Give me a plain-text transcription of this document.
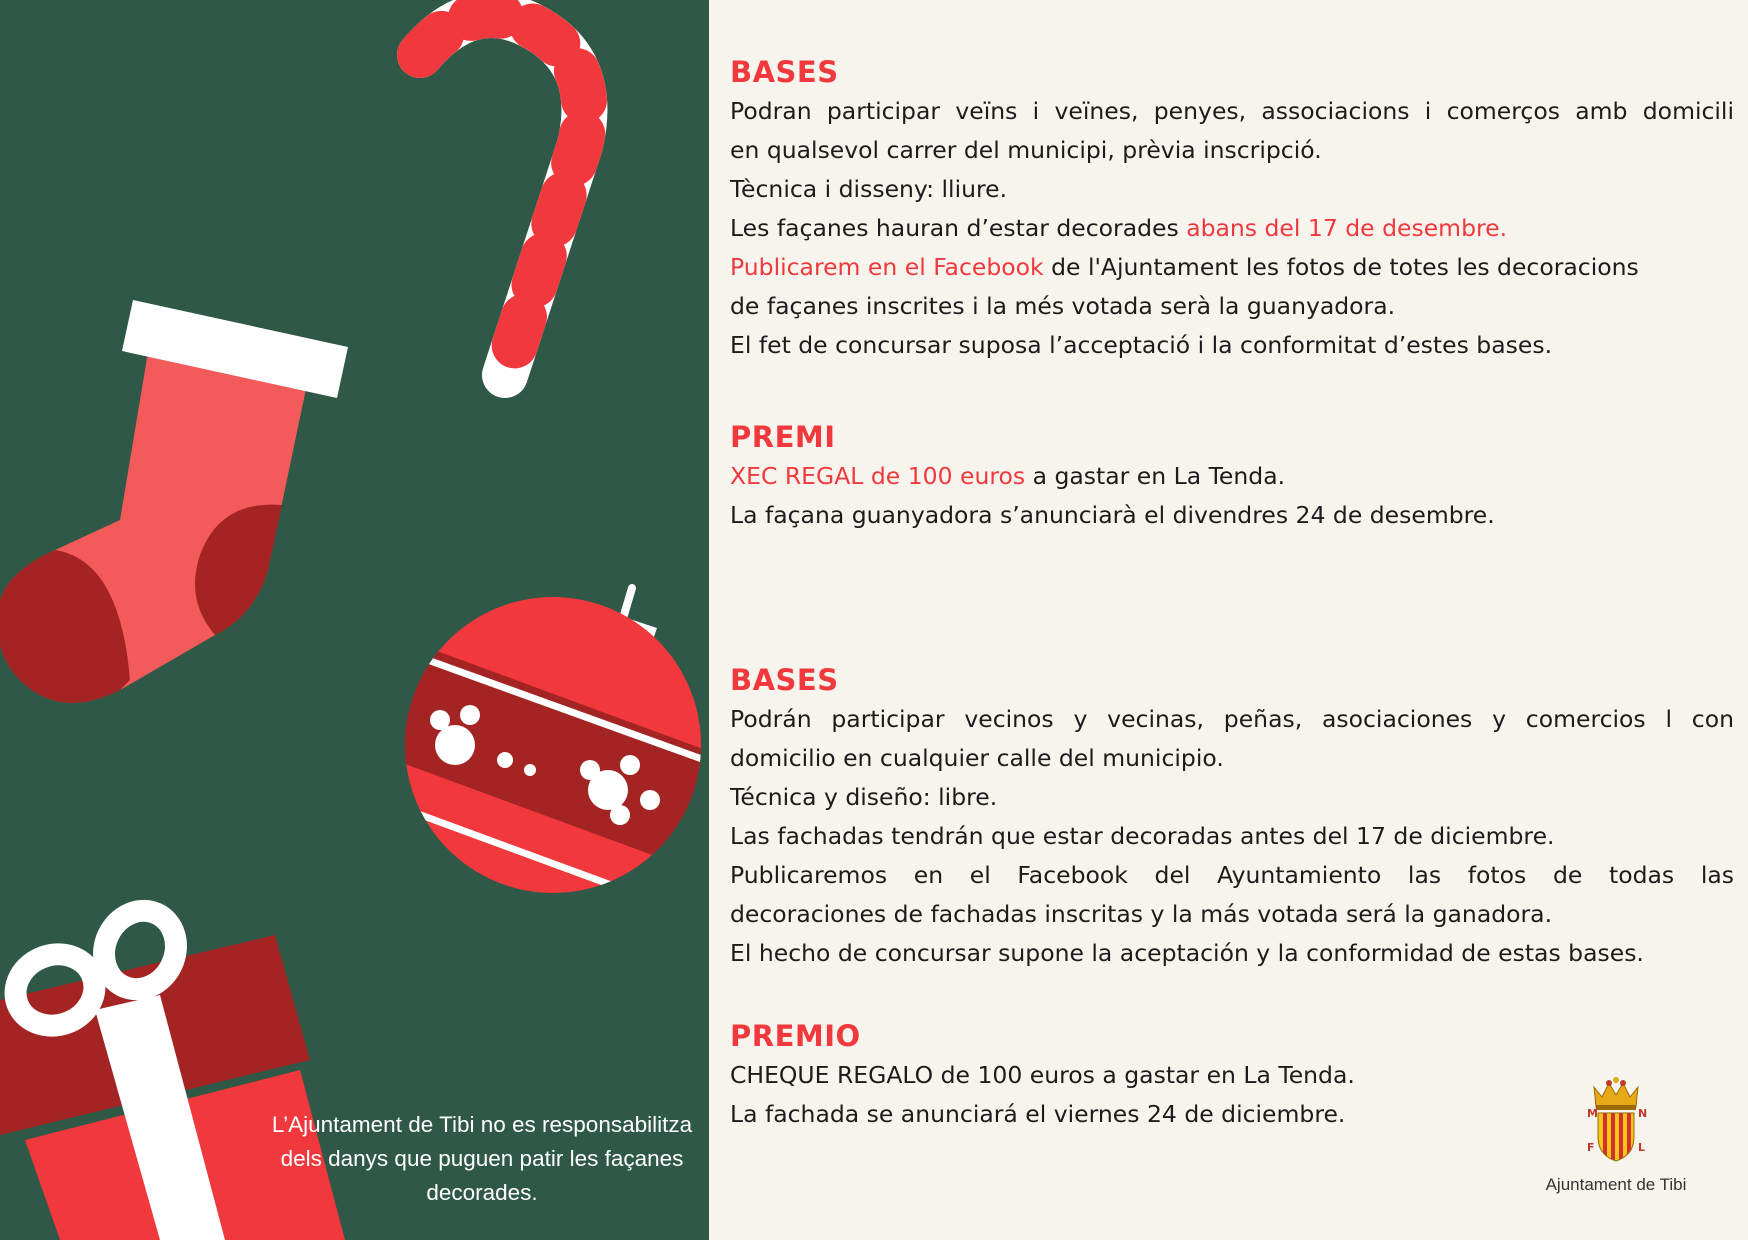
L’Ajuntament de Tibi no es responsabilitza dels danys que puguen patir les façanes decorades.
BASES
Podran participar veïns i veïnes, penyes, associacions i comerços amb domicili
en qualsevol carrer del municipi, prèvia inscripció.
Tècnica i disseny: lliure.
Les façanes hauran d’estar decorades abans del 17 de desembre.
Publicarem en el Facebook de l'Ajuntament les fotos de totes les decoracions
de façanes inscrites i la més votada serà la guanyadora.
El fet de concursar suposa l’acceptació i la conformitat d’estes bases.
PREMI
XEC REGAL de 100 euros a gastar en La Tenda.
La façana guanyadora s’anunciarà el divendres 24 de desembre.
BASES
Podrán participar vecinos y vecinas, peñas, asociaciones y comercios l con
domicilio en cualquier calle del municipio.
Técnica y diseño: libre.
Las fachadas tendrán que estar decoradas antes del 17 de diciembre.
Publicaremos en el Facebook del Ayuntamiento las fotos de todas las
decoraciones de fachadas inscritas y la más votada será la ganadora.
El hecho de concursar supone la aceptación y la conformidad de estas bases.
PREMIO
CHEQUE REGALO de 100 euros a gastar en La Tenda.
La fachada se anunciará el viernes 24 de diciembre.	M	N
F	L
Ajuntament de Tibi
